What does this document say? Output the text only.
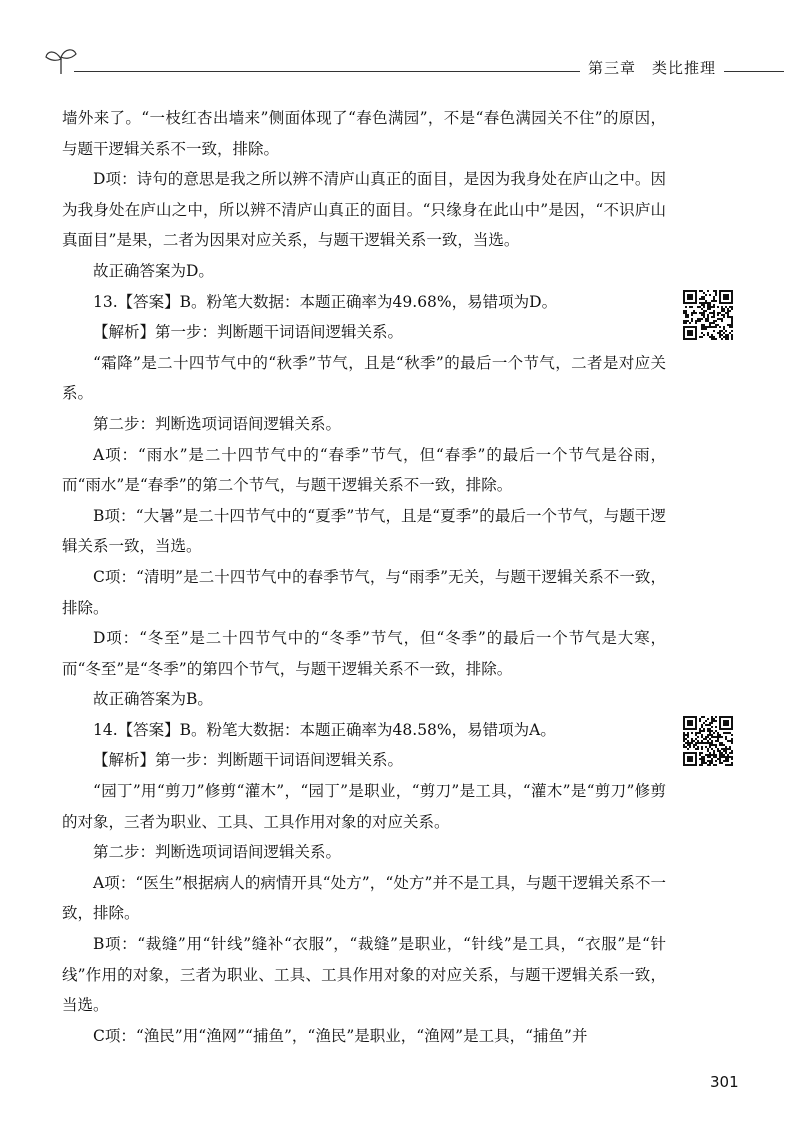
第三章　类比推理

墙外来了。“一枝红杏出墙来”侧面体现了“春色满园”，不是“春色满园关不住”的原因，与题干逻辑关系不一致，排除。

D项：诗句的意思是我之所以辨不清庐山真正的面目，是因为我身处在庐山之中。因为我身处在庐山之中，所以辨不清庐山真正的面目。“只缘身在此山中”是因，“不识庐山真面目”是果，二者为因果对应关系，与题干逻辑关系一致，当选。

故正确答案为D。

13.【答案】B。粉笔大数据：本题正确率为49.68%，易错项为D。

【解析】第一步：判断题干词语间逻辑关系。

“霜降”是二十四节气中的“秋季”节气，且是“秋季”的最后一个节气，二者是对应关系。

第二步：判断选项词语间逻辑关系。

A项：“雨水”是二十四节气中的“春季”节气，但“春季”的最后一个节气是谷雨，而“雨水”是“春季”的第二个节气，与题干逻辑关系不一致，排除。

B项：“大暑”是二十四节气中的“夏季”节气，且是“夏季”的最后一个节气，与题干逻辑关系一致，当选。

C项：“清明”是二十四节气中的春季节气，与“雨季”无关，与题干逻辑关系不一致，排除。

D项：“冬至”是二十四节气中的“冬季”节气，但“冬季”的最后一个节气是大寒，而“冬至”是“冬季”的第四个节气，与题干逻辑关系不一致，排除。

故正确答案为B。

14.【答案】B。粉笔大数据：本题正确率为48.58%，易错项为A。

【解析】第一步：判断题干词语间逻辑关系。

“园丁”用“剪刀”修剪“灌木”，“园丁”是职业，“剪刀”是工具，“灌木”是“剪刀”修剪的对象，三者为职业、工具、工具作用对象的对应关系。

第二步：判断选项词语间逻辑关系。

A项：“医生”根据病人的病情开具“处方”，“处方”并不是工具，与题干逻辑关系不一致，排除。

B项：“裁缝”用“针线”缝补“衣服”，“裁缝”是职业，“针线”是工具，“衣服”是“针线”作用的对象，三者为职业、工具、工具作用对象的对应关系，与题干逻辑关系一致，当选。

C项：“渔民”用“渔网”“捕鱼”，“渔民”是职业，“渔网”是工具，“捕鱼”并

301
